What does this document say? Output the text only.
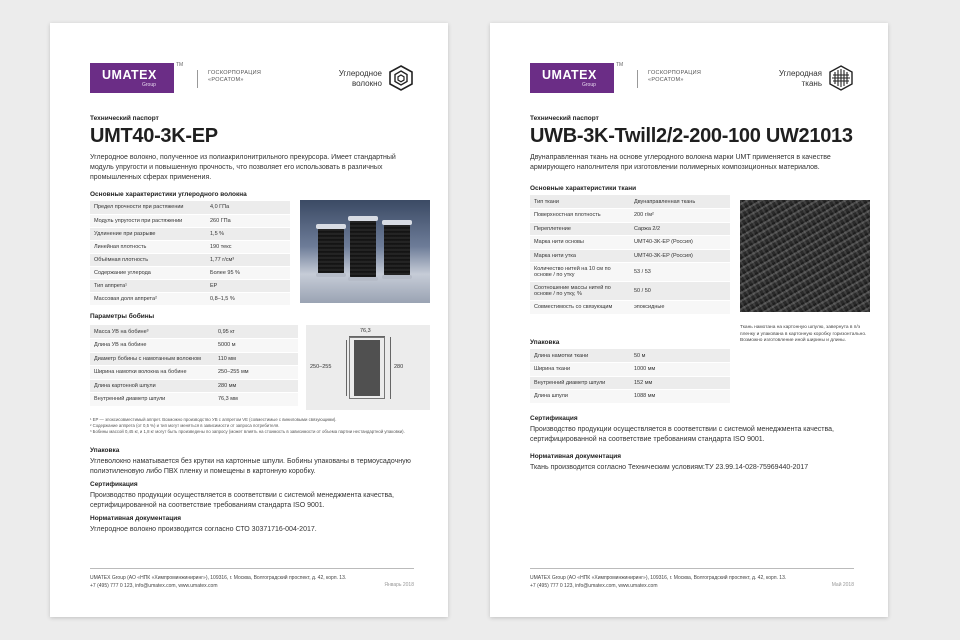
UMATEX
Group
TM
ГОСКОРПОРАЦИЯ
«РОСАТОМ»
Углеродное
волокно
Технический паспорт
UMT40-3K-EP
Углеродное волокно, полученное из полиакрилонитрильного прекурсора. Имеет стандартный модуль упругости и повышенную прочность, что позволяет его использовать в различных промышленных сферах применения.
Основные характеристики углеродного волокна
Предел прочности при растяжении	4,0 ГПа
Модуль упругости при растяжении	260 ГПа
Удлинение при разрыве	1,5 %
Линейная плотность	190 текс
Объёмная плотность	1,77 г/см³
Содержание углерода	Более 95 %
Тип аппрета¹	EP
Массовая доля аппрета²	0,8–1,5 %
Параметры бобины
Масса УВ на бобине³	0,95 кг
Длина УВ на бобине	5000 м
Диаметр бобины с намотанным волокном	110 мм
Ширина намотки волокна на бобине	250–255 мм
Длина картонной шпули	280 мм
Внутренний диаметр шпули	76,3 мм
76,3
250–255	280
¹ EP — эпоксисовместимый аппрет. Возможно производство УВ с аппретом VE (совместимые с виниловыми связующими).
² Содержание аппрета (от 0,5 %) и тип могут меняться в зависимости от запроса потребителя.
³ Бобины массой 0,45 кг, и 1,8 кг могут быть произведены по запросу (может влиять на стоимость в зависимости от объема партии нестандартной упаковки).
Упаковка
Углеволокно наматывается без крутки на картонные шпули. Бобины упакованы в термоусадочную полиэтиленовую либо ПВХ пленку и помещены в картонную коробку.
Сертификация
Производство продукции осуществляется в соответствии с системой менеджмента качества, сертифицированной на соответствие требованиям стандарта ISO 9001.
Нормативная документация
Углеродное волокно производится согласно СТО 30371716-004-2017.
UMATEX Group (АО «НПК «Химпроминжиниринг»), 109316, г. Москва, Волгоградский проспект, д. 42, корп. 13.
+7 (495) 777 0 123, info@umatex.com, www.umatex.com	Январь 2018
UMATEX
Group
TM
ГОСКОРПОРАЦИЯ
«РОСАТОМ»
Углеродная
ткань
Технический паспорт
UWB-3K-Twill2/2-200-100 UW21013
Двунаправленная ткань на основе углеродного волокна марки UMT применяется в качестве армирующего наполнителя при изготовлении полимерных композиционных материалов.
Основные характеристики ткани
Тип ткани	Двунаправленная ткань
Поверхностная плотность	200 г/м²
Переплетение	Саржа 2/2
Марка нити основы	UMT40-3K-EP (Россия)
Марка нити утка	UMT40-3K-EP (Россия)
Количество нитей на 10 см по основе / по утку	53 / 53
Соотношение массы нитей по основе / по утку, %	50 / 50
Совместимость со связующим	эпоксидные
Упаковка
Длина намотки ткани	50 м
Ширина ткани	1000 мм
Внутренний диаметр шпули	152 мм
Длина шпули	1088 мм
Ткань намотана на картонную шпулю, завернута в п/э пленку и упакована в картонную коробку горизонтально. Возможно изготовление иной ширины и длины.
Сертификация
Производство продукции осуществляется в соответствии с системой менеджмента качества, сертифицированной на соответствие требованиям стандарта ISO 9001.
Нормативная документация
Ткань производится согласно Техническим условиям:ТУ 23.99.14-028-75969440-2017
UMATEX Group (АО «НПК «Химпроминжиниринг»), 109316, г. Москва, Волгоградский проспект, д. 42, корп. 13.
+7 (495) 777 0 123, info@umatex.com, www.umatex.com	Май 2018
